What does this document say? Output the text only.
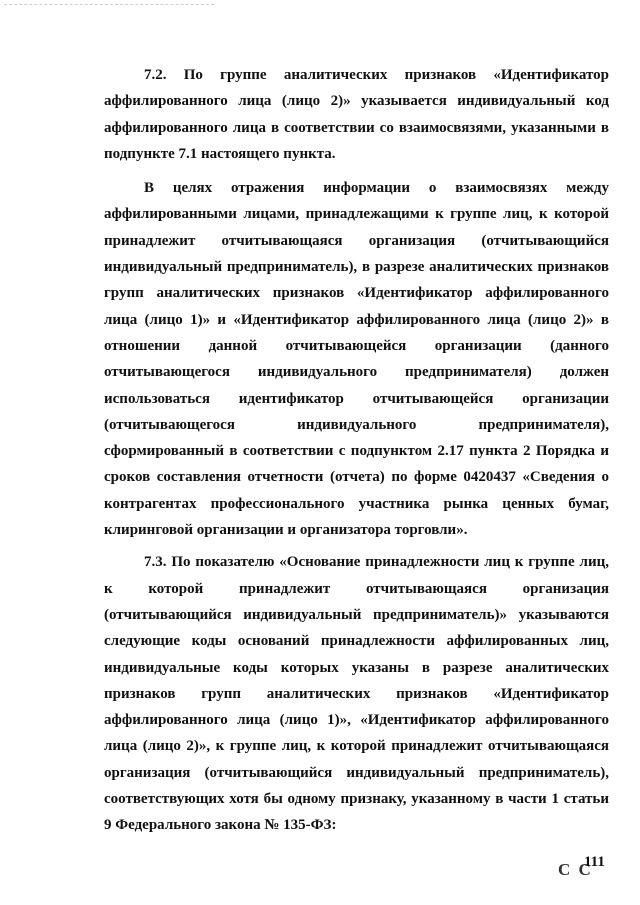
7.2. По группе аналитических признаков «Идентификатор аффилированного лица (лицо 2)» указывается индивидуальный код аффилированного лица в соответствии со взаимосвязями, указанными в подпункте 7.1 настоящего пункта.

В целях отражения информации о взаимосвязях между аффилированными лицами, принадлежащими к группе лиц, к которой принадлежит отчитывающаяся организация (отчитывающийся индивидуальный предприниматель), в разрезе аналитических признаков групп аналитических признаков «Идентификатор аффилированного лица (лицо 1)» и «Идентификатор аффилированного лица (лицо 2)» в отношении данной отчитывающейся организации (данного отчитывающегося индивидуального предпринимателя) должен использоваться идентификатор отчитывающейся организации (отчитывающегося индивидуального предпринимателя), сформированный в соответствии с подпунктом 2.17 пункта 2 Порядка и сроков составления отчетности (отчета) по форме 0420437 «Сведения о контрагентах профессионального участника рынка ценных бумаг, клиринговой организации и организатора торговли».

7.3. По показателю «Основание принадлежности лиц к группе лиц, к которой принадлежит отчитывающаяся организация (отчитывающийся индивидуальный предприниматель)» указываются следующие коды оснований принадлежности аффилированных лиц, индивидуальные коды которых указаны в разрезе аналитических признаков групп аналитических признаков «Идентификатор аффилированного лица (лицо 1)», «Идентификатор аффилированного лица (лицо 2)», к группе лиц, к которой принадлежит отчитывающаяся организация (отчитывающийся индивидуальный предприниматель), соответствующих хотя бы одному признаку, указанному в части 1 статьи 9 Федерального закона № 135-ФЗ:

С С
111
